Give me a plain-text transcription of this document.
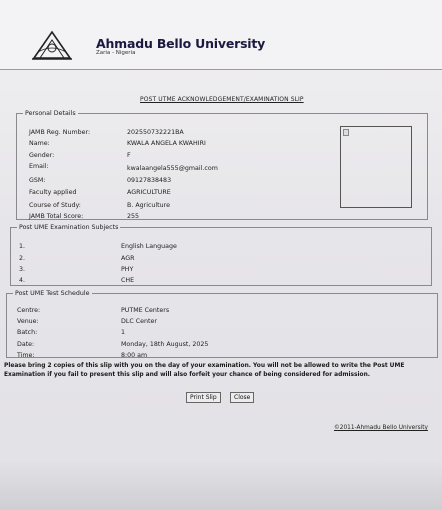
Ahmadu Bello University
Zaria - Nigeria
POST UTME ACKNOWLEDGEMENT/EXAMINATION SLIP
Personal Details
JAMB Reg. Number:	202550732221BA
Name:	KWALA ANGELA KWAHIRI
Gender:	F
Email:	kwalaangela555@gmail.com
GSM:	09127838483
Faculty applied	AGRICULTURE
Course of Study:	B. Agriculture
JAMB Total Score:	255
Post UME Examination Subjects
1.	English Language
2.	AGR
3.	PHY
4.	CHE
Post UME Test Schedule
Centre:	PUTME Centers
Venue:	DLC Center
Batch:	1
Date:	Monday, 18th August, 2025
Time:	8:00 am
Please bring 2 copies of this slip with you on the day of your examination. You will not be allowed to write the Post UME Examination if you fail to present this slip and will also forfeit your chance of being considered for admission.
Print Slip	Close
©2011-Ahmadu Bello University
